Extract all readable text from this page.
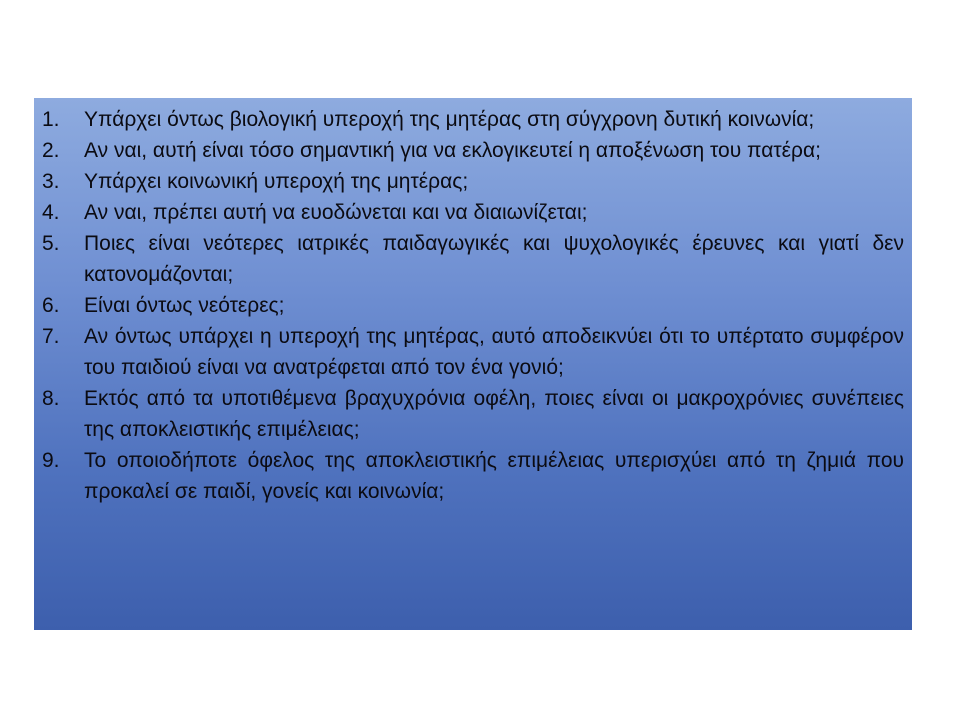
1.	Υπάρχει όντως βιολογική υπεροχή της μητέρας στη σύγχρονη δυτική κοινωνία;
2.	Αν ναι, αυτή είναι τόσο σημαντική για να εκλογικευτεί η αποξένωση του πατέρα;
3.	Υπάρχει κοινωνική υπεροχή της μητέρας;
4.	Αν ναι, πρέπει αυτή να ευοδώνεται και να διαιωνίζεται;
5.	Ποιες είναι νεότερες ιατρικές παιδαγωγικές και ψυχολογικές έρευνες και γιατί δεν κατονομάζονται;
6.	Είναι όντως νεότερες;
7.	Αν όντως υπάρχει η υπεροχή της μητέρας, αυτό αποδεικνύει ότι το υπέρτατο συμφέρον του παιδιού είναι να ανατρέφεται από τον ένα γονιό;
8.	Εκτός από τα υποτιθέμενα βραχυχρόνια οφέλη, ποιες είναι οι μακροχρόνιες συνέπειες της αποκλειστικής επιμέλειας;
9.	Το οποιοδήποτε όφελος της αποκλειστικής επιμέλειας υπερισχύει από τη ζημιά που προκαλεί σε παιδί, γονείς και κοινωνία;
